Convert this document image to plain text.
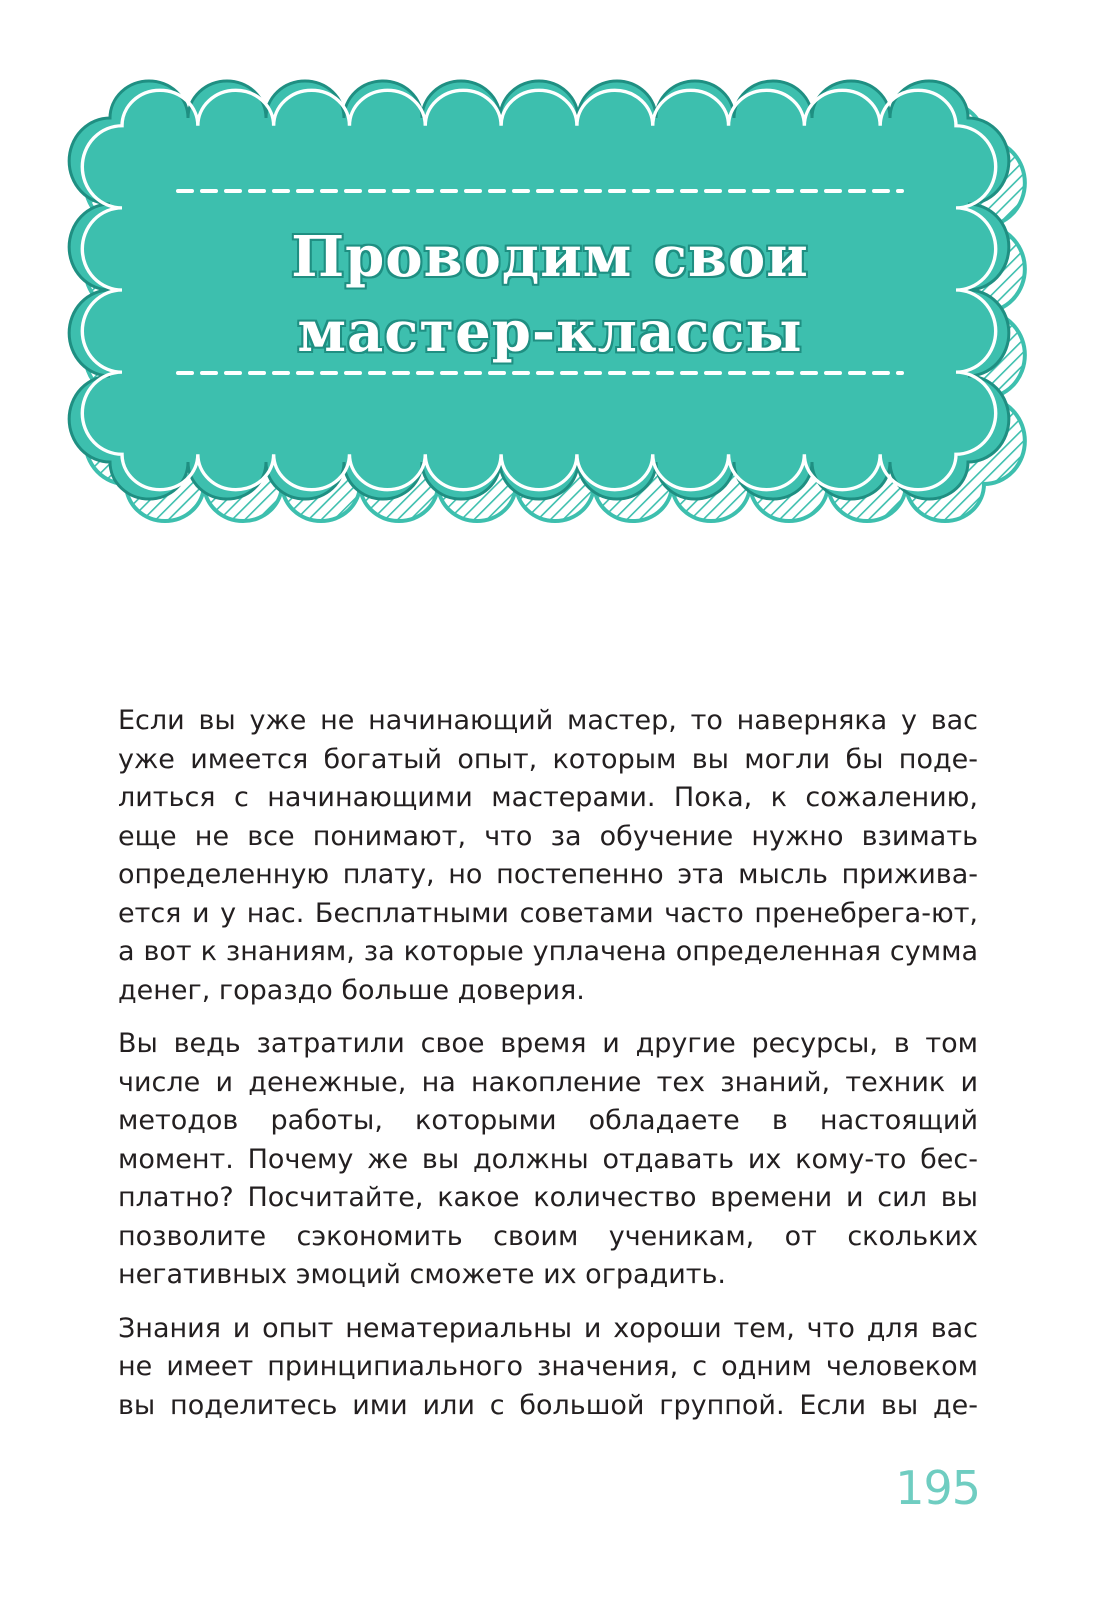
Проводим свои
мастер-классы

Если вы уже не начинающий мастер, то наверняка у вас уже имеется богатый опыт, которым вы могли бы поде-литься с начинающими мастерами. Пока, к сожалению, еще не все понимают, что за обучение нужно взимать определенную плату, но постепенно эта мысль приживa-ется и у нас. Бесплатными советами часто пренебрега-ют, а вот к знаниям, за которые уплачена определенная сумма денег, гораздо больше доверия.

Вы ведь затратили свое время и другие ресурсы, в том числе и денежные, на накопление тех знаний, техник и методов работы, которыми обладаете в настоящий момент. Почему же вы должны отдавать их кому-то бес-платно? Посчитайте, какое количество времени и сил вы позволите сэкономить своим ученикам, от скольких негативных эмоций сможете их оградить.

Знания и опыт нематериальны и хороши тем, что для вас не имеет принципиального значения, с одним человеком вы поделитесь ими или с большой группой. Если вы де-

195
